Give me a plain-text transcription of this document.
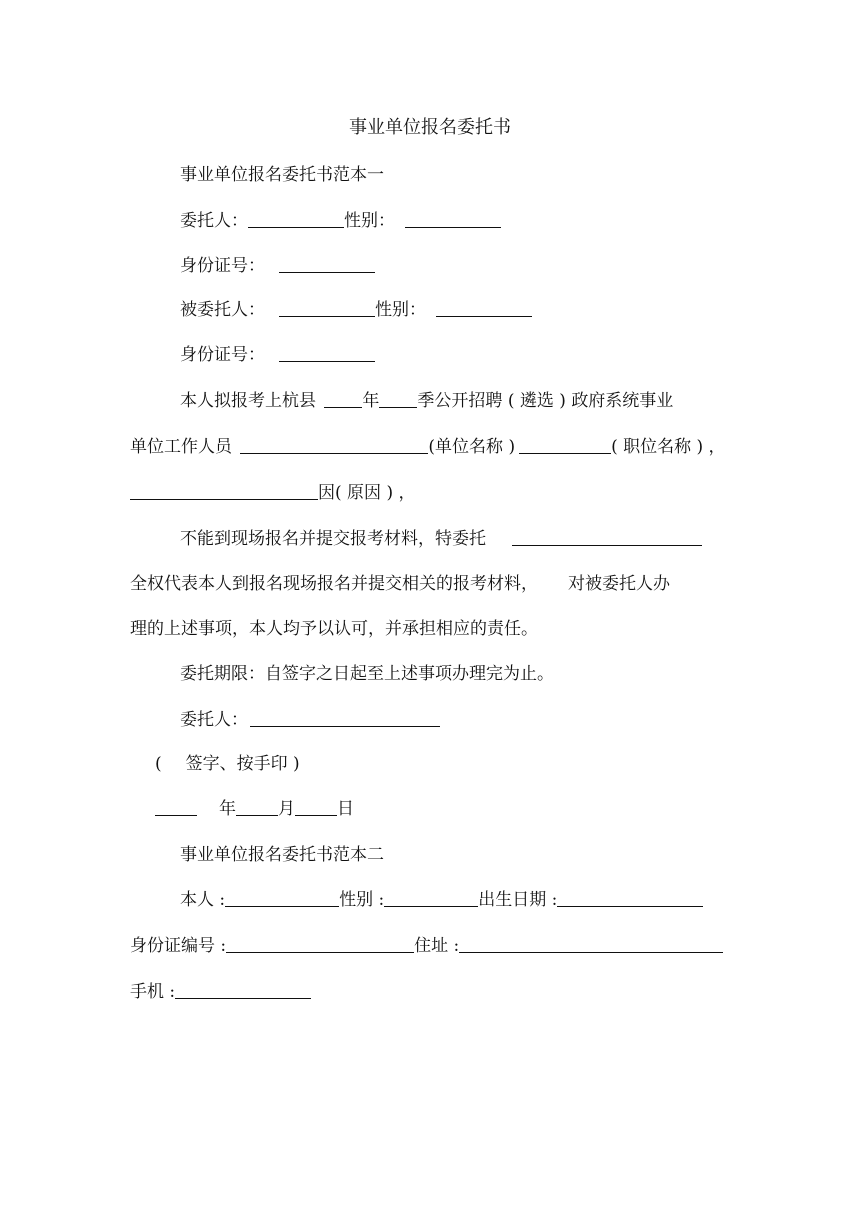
事业单位报名委托书
事业单位报名委托书范本一
委托人：	性别：
身份证号：
被委托人：	性别：
身份证号：
本人拟报考上杭县	年 季公开招聘 ( 遴选 ) 政府系统事业
单位工作人员	(单位名称 )	( 职位名称 ) ，
因( 原因 ) ，
不能到现场报名并提交报考材料，特委托
全权代表本人到报名现场报名并提交相关的报考材料， 对被委托人办
理的上述事项，本人均予以认可，并承担相应的责任。
委托期限：自签字之日起至上述事项办理完为止。
委托人：
( 签字、按手印 )
年 月 日
事业单位报名委托书范本二
本人 :	性别 :	出生日期 :
身份证编号 :	住址 :
手机 :
